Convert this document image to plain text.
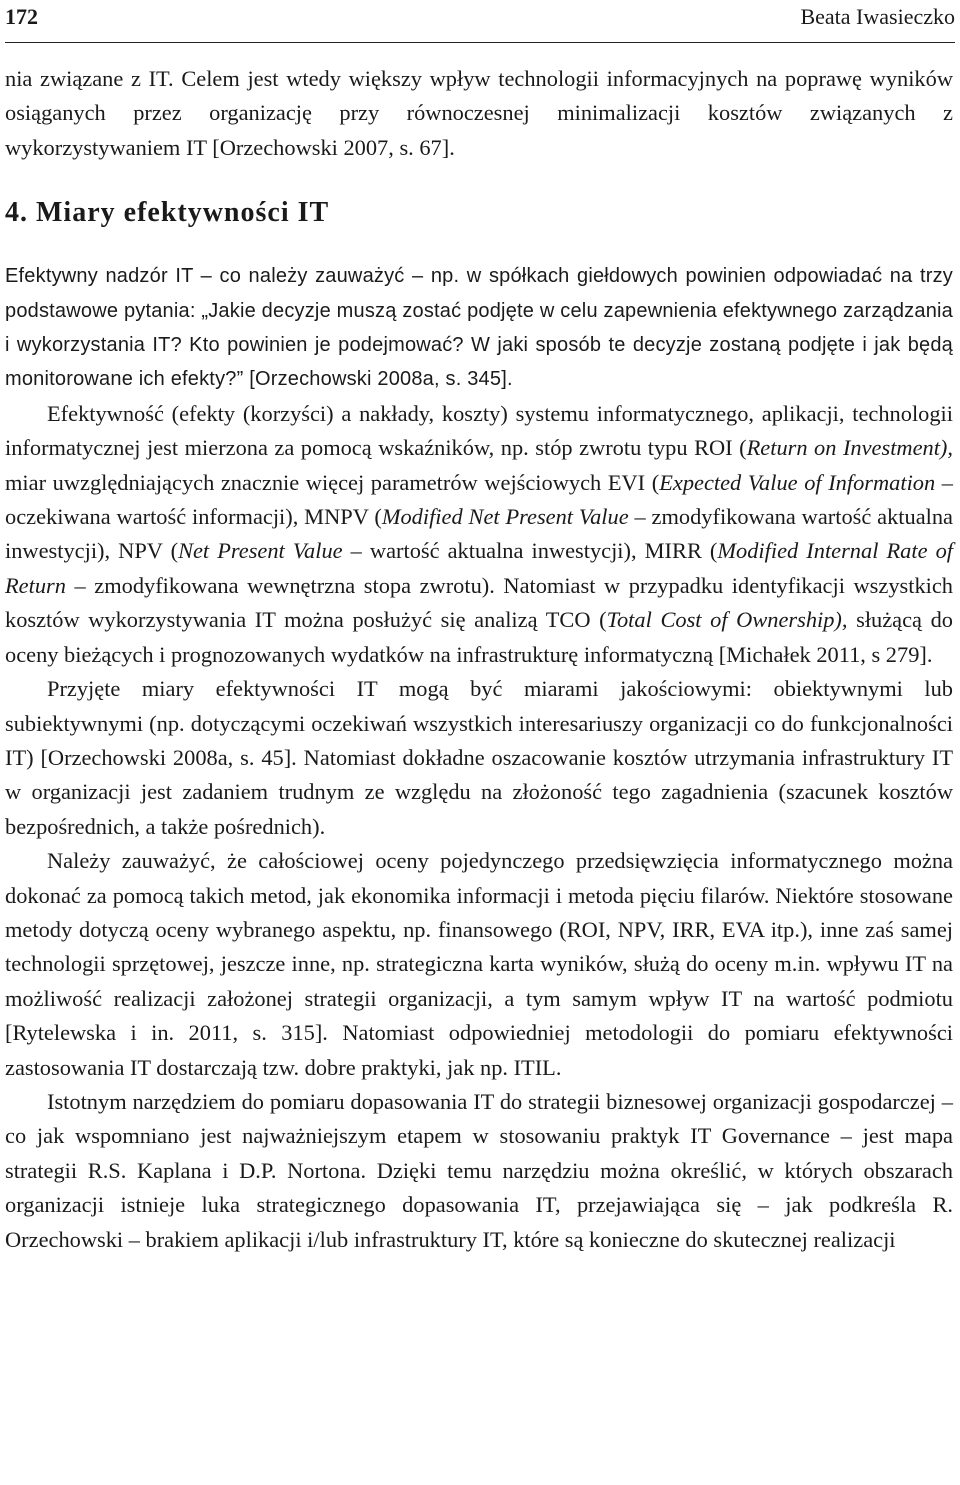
172	Beata Iwasieczko

nia związane z IT. Celem jest wtedy większy wpływ technologii informacyjnych na poprawę wyników osiąganych przez organizację przy równoczesnej minimalizacji kosztów związanych z wykorzystywaniem IT [Orzechowski 2007, s. 67].

4. Miary efektywności IT

Efektywny nadzór IT – co należy zauważyć – np. w spółkach giełdowych powinien odpowiadać na trzy podstawowe pytania: „Jakie decyzje muszą zostać podjęte w celu zapewnienia efektywnego zarządzania i wykorzystania IT? Kto powinien je podejmować? W jaki sposób te decyzje zostaną podjęte i jak będą monitorowane ich efekty?” [Orzechowski 2008a, s. 345].

Efektywność (efekty (korzyści) a nakłady, koszty) systemu informatycznego, aplikacji, technologii informatycznej jest mierzona za pomocą wskaźników, np. stóp zwrotu typu ROI (Return on Investment), miar uwzględniających znacznie więcej parametrów wejściowych EVI (Expected Value of Information – oczekiwana wartość informacji), MNPV (Modified Net Present Value – zmodyfikowana wartość aktualna inwestycji), NPV (Net Present Value – wartość aktualna inwestycji), MIRR (Modified Internal Rate of Return – zmodyfikowana wewnętrzna stopa zwrotu). Natomiast w przypadku identyfikacji wszystkich kosztów wykorzystywania IT można posłużyć się analizą TCO (Total Cost of Ownership), służącą do oceny bieżących i prognozowanych wydatków na infrastrukturę informatyczną [Michałek 2011, s 279].

Przyjęte miary efektywności IT mogą być miarami jakościowymi: obiektywnymi lub subiektywnymi (np. dotyczącymi oczekiwań wszystkich interesariuszy organizacji co do funkcjonalności IT) [Orzechowski 2008a, s. 45]. Natomiast dokładne oszacowanie kosztów utrzymania infrastruktury IT w organizacji jest zadaniem trudnym ze względu na złożoność tego zagadnienia (szacunek kosztów bezpośrednich, a także pośrednich).

Należy zauważyć, że całościowej oceny pojedynczego przedsięwzięcia informatycznego można dokonać za pomocą takich metod, jak ekonomika informacji i metoda pięciu filarów. Niektóre stosowane metody dotyczą oceny wybranego aspektu, np. finansowego (ROI, NPV, IRR, EVA itp.), inne zaś samej technologii sprzętowej, jeszcze inne, np. strategiczna karta wyników, służą do oceny m.in. wpływu IT na możliwość realizacji założonej strategii organizacji, a tym samym wpływ IT na wartość podmiotu [Rytelewska i in. 2011, s. 315]. Natomiast odpowiedniej metodologii do pomiaru efektywności zastosowania IT dostarczają tzw. dobre praktyki, jak np. ITIL.

Istotnym narzędziem do pomiaru dopasowania IT do strategii biznesowej organizacji gospodarczej – co jak wspomniano jest najważniejszym etapem w stosowaniu praktyk IT Governance – jest mapa strategii R.S. Kaplana i D.P. Nortona. Dzięki temu narzędziu można określić, w których obszarach organizacji istnieje luka strategicznego dopasowania IT, przejawiająca się – jak podkreśla R. Orzechowski – brakiem aplikacji i/lub infrastruktury IT, które są konieczne do skutecznej realizacji
